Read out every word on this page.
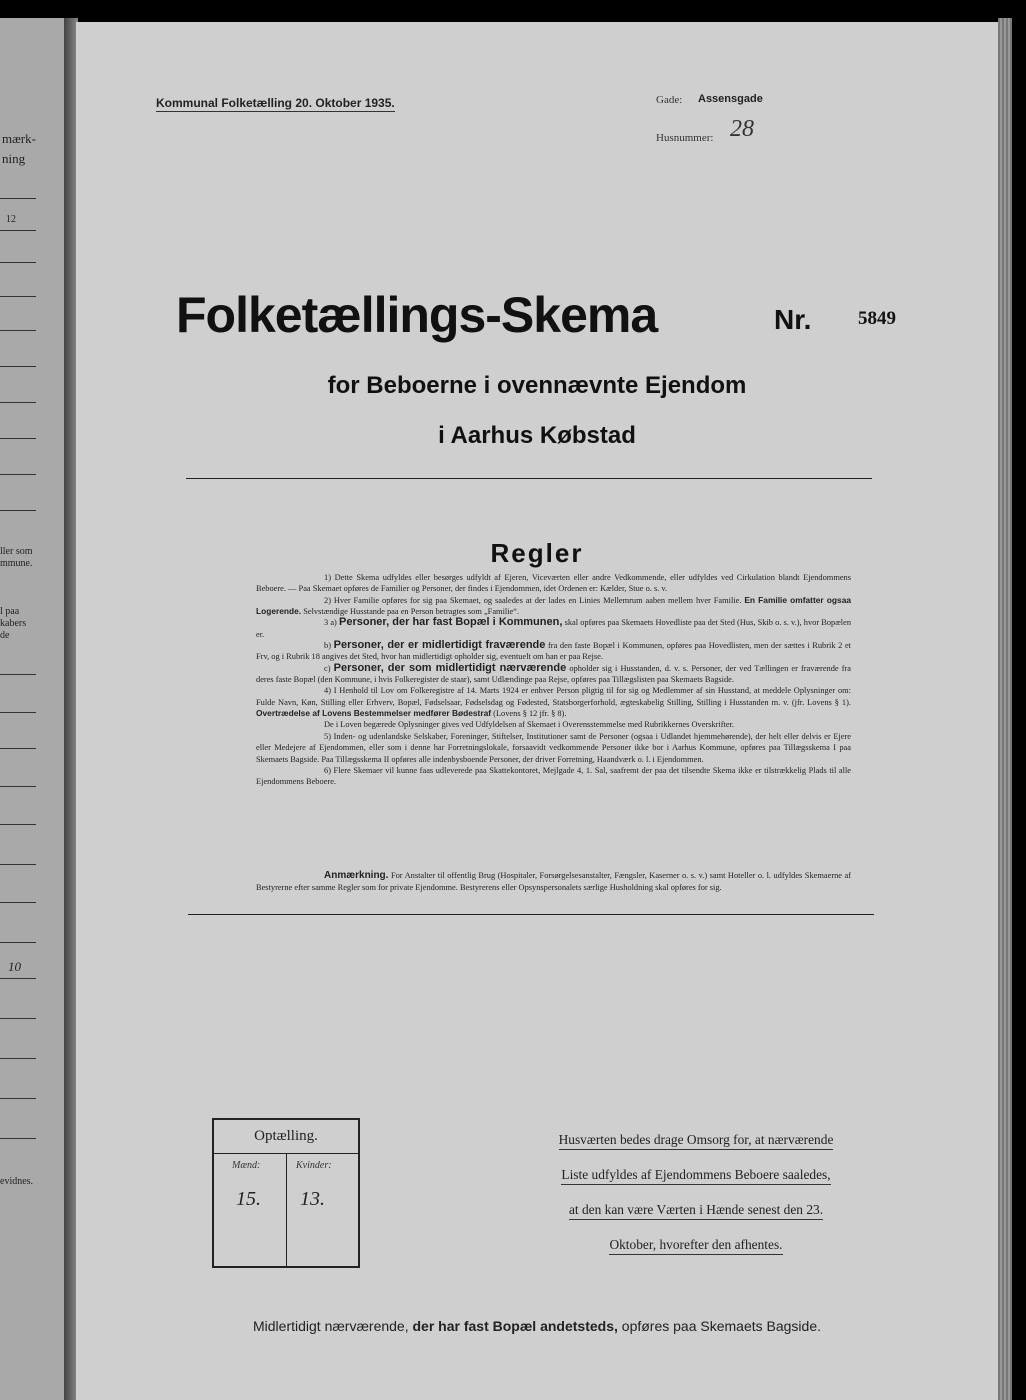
mærk-
ning
12
ller som
mmune.
l paa
kabers
de
10
evidnes.
Kommunal Folketælling 20. Oktober 1935.	Gade: Assensgade
Husnummer: 28
Folketællings-Skema	Nr. 5849
for Beboerne i ovennævnte Ejendom
i Aarhus Købstad
Regler

1) Dette Skema udfyldes eller besørges udfyldt af Ejeren, Viceværten eller andre Vedkommende, eller udfyldes ved Cirkulation blandt Ejendommens Beboere. — Paa Skemaet opføres de Familier og Personer, der findes i Ejendommen, idet Ordenen er: Kælder, Stue o. s. v.

2) Hver Familie opføres for sig paa Skemaet, og saaledes at der lades en Linies Mellemrum aaben mellem hver Familie. En Familie omfatter ogsaa Logerende. Selvstændige Husstande paa en Person betragtes som „Familie“.

3 a) Personer, der har fast Bopæl i Kommunen, skal opføres paa Skemaets Hovedliste paa det Sted (Hus, Skib o. s. v.), hvor Bopælen er.

b) Personer, der er midlertidigt fraværende fra den faste Bopæl i Kommunen, opføres paa Hovedlisten, men der sættes i Rubrik 2 et Frv, og i Rubrik 18 angives det Sted, hvor han midlertidigt opholder sig, eventuelt om han er paa Rejse.

c) Personer, der som midlertidigt nærværende opholder sig i Husstanden, d. v. s. Personer, der ved Tællingen er fraværende fra deres faste Bopæl (den Kommune, i hvis Folkeregister de staar), samt Udlændinge paa Rejse, opføres paa Tillægslisten paa Skemaets Bagside.

4) I Henhold til Lov om Folkeregistre af 14. Marts 1924 er enhver Person pligtig til for sig og Medlemmer af sin Husstand, at meddele Oplysninger om: Fulde Navn, Køn, Stilling eller Erhverv, Bopæl, Fødselsaar, Fødselsdag og Fødested, Statsborgerforhold, ægteskabelig Stilling, Stilling i Husstanden m. v. (jfr. Lovens § 1). Overtrædelse af Lovens Bestemmelser medfører Bødestraf (Lovens § 12 jfr. § 8).

De i Loven begærede Oplysninger gives ved Udfyldelsen af Skemaet i Overensstemmelse med Rubrikkernes Overskrifter.

5) Inden- og udenlandske Selskaber, Foreninger, Stiftelser, Institutioner samt de Personer (ogsaa i Udlandet hjemmehørende), der helt eller delvis er Ejere eller Medejere af Ejendommen, eller som i denne har Forretningslokale, forsaavidt vedkommende Personer ikke bor i Aarhus Kommune, opføres paa Tillægsskema I paa Skemaets Bagside. Paa Tillægsskema II opføres alle indenbysboende Personer, der driver Forretning, Haandværk o. l. i Ejendommen.

6) Flere Skemaer vil kunne faas udleverede paa Skattekontoret, Mejlgade 4, 1. Sal, saafremt der paa det tilsendte Skema ikke er tilstrækkelig Plads til alle Ejendommens Beboere.

Anmærkning. For Anstalter til offentlig Brug (Hospitaler, Forsørgelsesanstalter, Fængsler, Kaserner o. s. v.) samt Hoteller o. l. udfyldes Skemaerne af Bestyrerne efter samme Regler som for private Ejendomme. Bestyrerens eller Opsynspersonalets særlige Husholdning skal opføres for sig.
Optælling.
Mænd:	Kvinder:
15. 13.
Husværten bedes drage Omsorg for, at nærværende
Liste udfyldes af Ejendommens Beboere saaledes,
at den kan være Værten i Hænde senest den 23.
Oktober, hvorefter den afhentes.
Midlertidigt nærværende, der har fast Bopæl andetsteds, opføres paa Skemaets Bagside.
